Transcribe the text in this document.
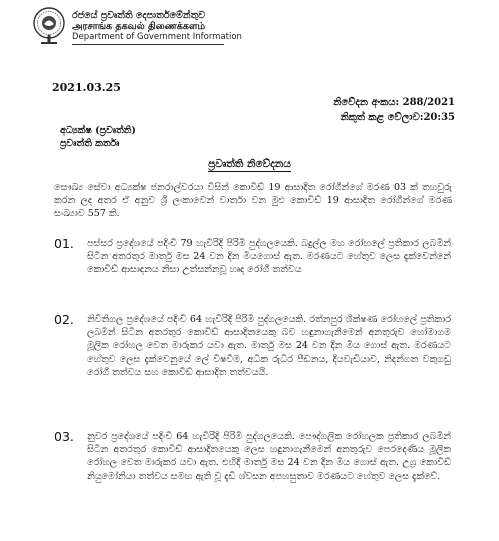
රජයේ ප්‍රවෘත්ති දෙපාර්තමේන්තුව
அரசாங்க தகவல் திணைக்களம்
Department of Government Information
2021.03.25
නිවේදන අංකය: 288/2021
නිකුත් කළ වේලාව:20:35
අධ්‍යක්ෂ (ප්‍රවෘත්ති)
ප්‍රවෘත්ති කර්තෘ
ප්‍රවෘත්ති නිවේදනය
සෞඛ්‍ය සේවා අධ්‍යක්ෂ ජනරාල්වරයා විසින් කොවිඩ් 19 ආසාදිත රෝගීන්ගේ මරණ 03 ක් තහවුරු කරන ලද අතර ඒ අනුව ශ්‍රී ලංකාවෙන් වාර්තා වන මුළු කොවිඩ් 19 ආසාදිත රෝගීන්ගේ මරණ සංඛ්‍යාව 557 කි.
01. පස්සර ප්‍රදේශයේ පදිංචි 79 හැවිරිදි පිරිමි පුද්ගලයෙකි. බදුල්ල මහ රෝහලේ ප්‍රතිකාර ලබමින් සිටින අතරතුර මාර්තු මස 24 වන දින මියගොස් ඇත. මරණයට හේතුව ලෙස දැක්වෙන්නේ කොවිඩ් ආසාදනය නිසා උත්සන්නවූ හෘද රෝගී තත්වය
02. නිවිතිගල ප්‍රදේශයේ පදිංචි 64 හැවිරිදි පිරිමි පුද්ගලයෙකි. රත්නපුර ශික්ෂණ රෝහලේ ප්‍රතිකාර ලබමින් සිටින අතරතුර කොවිඩ් ආසාදිතයෙකු බව හඳුනාගැනීමෙන් අනතුරුව හෝමාගම මූලික රෝහල වෙත මාරුකර යවා ඇත. මාර්තු මස 24 වන දින මිය ගොස් ඇත. මරණයට හේතුව ලෙස දැක්වෙනුයේ ලේ විෂවීම, අධික රුධිර පීඩනය, දියවැඩියාව, නිදන්ගත වකුගඩු රෝගී තත්වය සහ කොවිඩ් ආසාදිත තත්වයයි.
03. නුවර ප්‍රදේශයේ පදිංචි 64 හැවිරිදි පිරිමි පුද්ගලයෙකි. පෞද්ගලික රෝහලක ප්‍රතිකාර ලබමින් සිටින අතරතුර කොවිඩ් ආසාදිතයෙකු ලෙස හඳුනාගැනීමෙන් අනතුරුව පෙරදෙණිය මූලික රෝහල වෙත මාරුකර යවා ඇත. එහිදී මාර්තු මස 24 වන දින මිය ගොස් ඇත. උග්‍ර කොවිඩ් නියුමෝනියා තත්වය සමඟ ඇති වූ දැඩි ශ්වසන අපහසුතාව මරණයට හේතුව ලෙස දැක්වේ.
